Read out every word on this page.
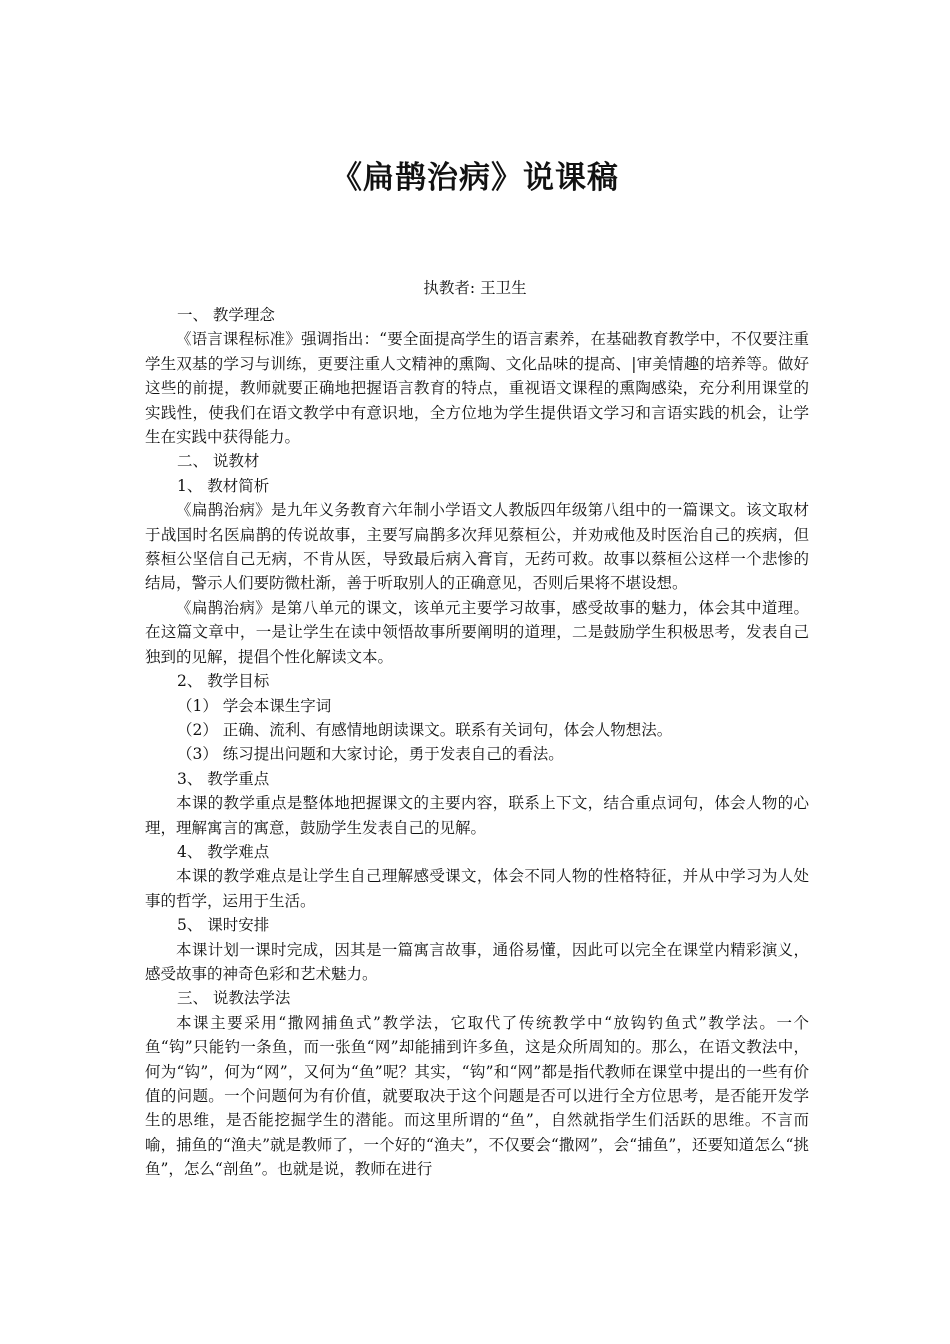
《扁鹊治病》说课稿
执教者: 王卫生

一、 教学理念

《语言课程标准》强调指出：“要全面提高学生的语言素养，在基础教育教学中，不仅要注重学生双基的学习与训练，更要注重人文精神的熏陶、文化品味的提高、|审美情趣的培养等。做好这些的前提，教师就要正确地把握语言教育的特点，重视语文课程的熏陶感染，充分利用课堂的实践性，使我们在语文教学中有意识地，全方位地为学生提供语文学习和言语实践的机会，让学生在实践中获得能力。

二、 说教材

1、 教材简析

《扁鹊治病》是九年义务教育六年制小学语文人教版四年级第八组中的一篇课文。该文取材于战国时名医扁鹊的传说故事，主要写扁鹊多次拜见蔡桓公，并劝戒他及时医治自己的疾病，但蔡桓公坚信自己无病，不肯从医，导致最后病入膏肓，无药可救。故事以蔡桓公这样一个悲惨的结局，警示人们要防微杜渐，善于听取别人的正确意见，否则后果将不堪设想。

《扁鹊治病》是第八单元的课文，该单元主要学习故事，感受故事的魅力，体会其中道理。在这篇文章中，一是让学生在读中领悟故事所要阐明的道理，二是鼓励学生积极思考，发表自己独到的见解，提倡个性化解读文本。

2、 教学目标

（1） 学会本课生字词

（2） 正确、流利、有感情地朗读课文。联系有关词句，体会人物想法。

（3） 练习提出问题和大家讨论，勇于发表自己的看法。

3、 教学重点

本课的教学重点是整体地把握课文的主要内容，联系上下文，结合重点词句，体会人物的心理，理解寓言的寓意，鼓励学生发表自己的见解。

4、 教学难点

本课的教学难点是让学生自己理解感受课文，体会不同人物的性格特征，并从中学习为人处事的哲学，运用于生活。

5、 课时安排

本课计划一课时完成，因其是一篇寓言故事，通俗易懂，因此可以完全在课堂内精彩演义，感受故事的神奇色彩和艺术魅力。

三、 说教法学法

本课主要采用“撒网捕鱼式”教学法，它取代了传统教学中“放钩钓鱼式”教学法。一个鱼“钩”只能钓一条鱼，而一张鱼“网”却能捕到许多鱼，这是众所周知的。那么，在语文教法中，何为“钩”，何为“网”，又何为“鱼”呢？其实，“钩”和“网”都是指代教师在课堂中提出的一些有价值的问题。一个问题何为有价值，就要取决于这个问题是否可以进行全方位思考，是否能开发学生的思维，是否能挖掘学生的潜能。而这里所谓的“鱼”，自然就指学生们活跃的思维。不言而喻，捕鱼的“渔夫”就是教师了，一个好的“渔夫”，不仅要会“撒网”，会“捕鱼”，还要知道怎么“挑鱼”，怎么“剖鱼”。也就是说，教师在进行
